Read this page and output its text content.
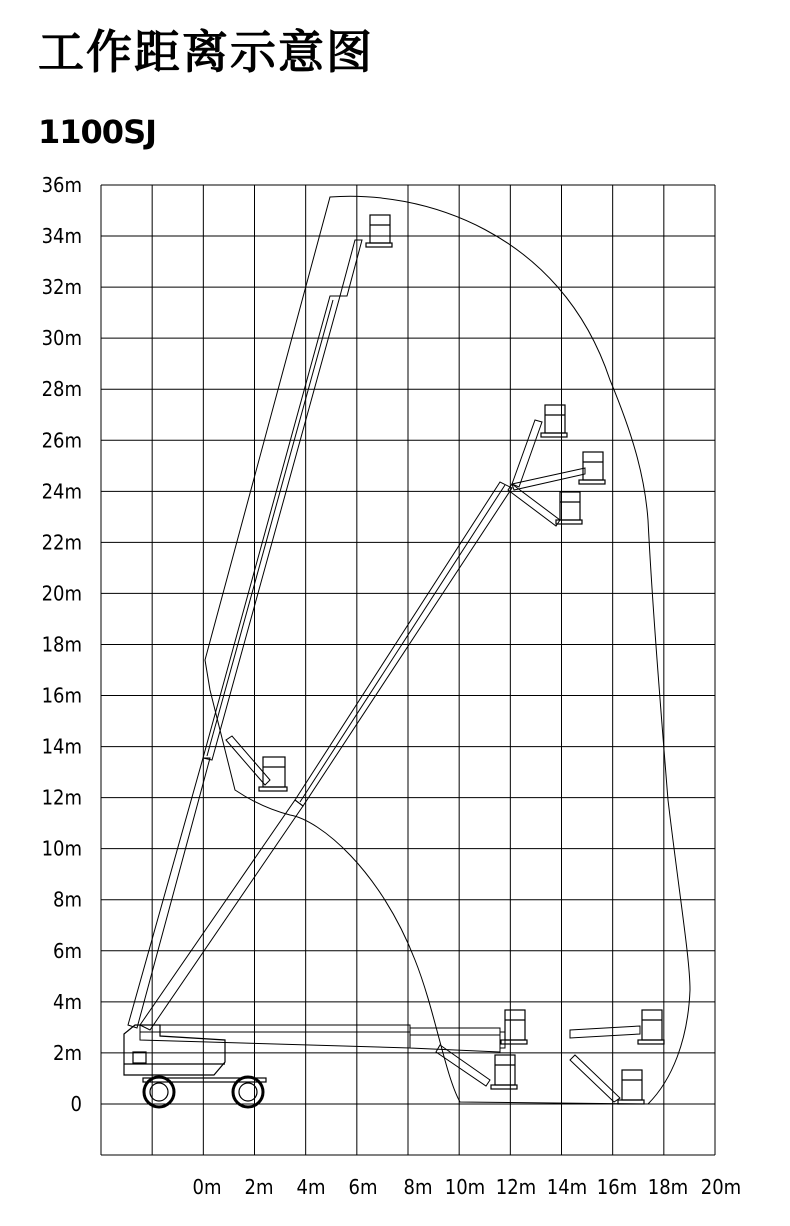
工作距离示意图
1100SJ
0
2m
4m
6m
8m
10m
12m
14m
16m
18m
20m
22m
24m
26m
28m
30m
32m
34m
36m
0m 2m 4m 6m 8m 10m 12m 14m 16m 18m 20m
